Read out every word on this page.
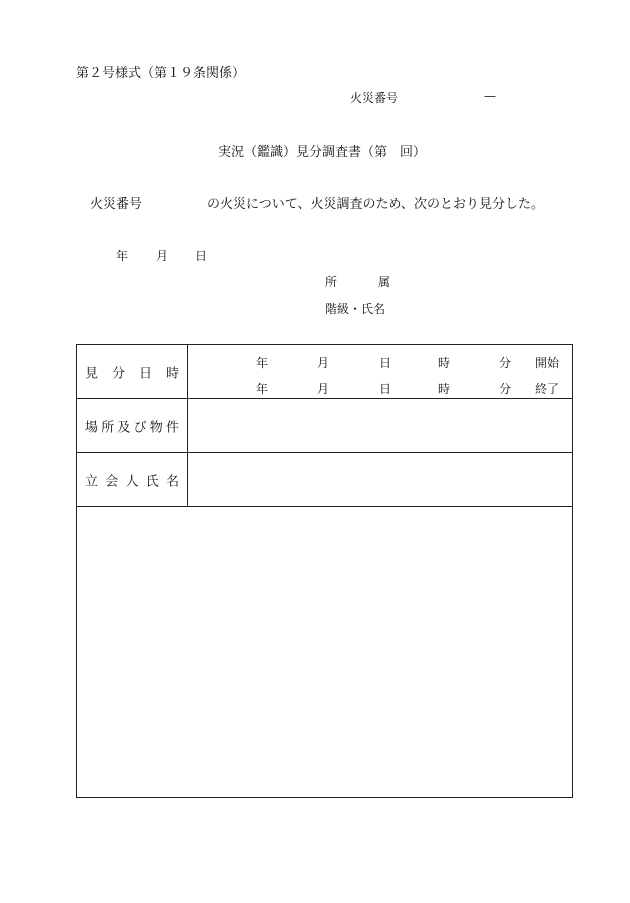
第２号様式（第１９条関係）
火災番号	—
実況（鑑識）見分調査書（第　回）
火災番号	の火災について、火災調査のため、次のとおり見分した。
年 月 日
所	属
階級・氏名
見 分 日 時
年	月	日	時	分 開始
年	月	日	時	分 終了
場 所 及 び 物 件
立 会 人 氏 名
